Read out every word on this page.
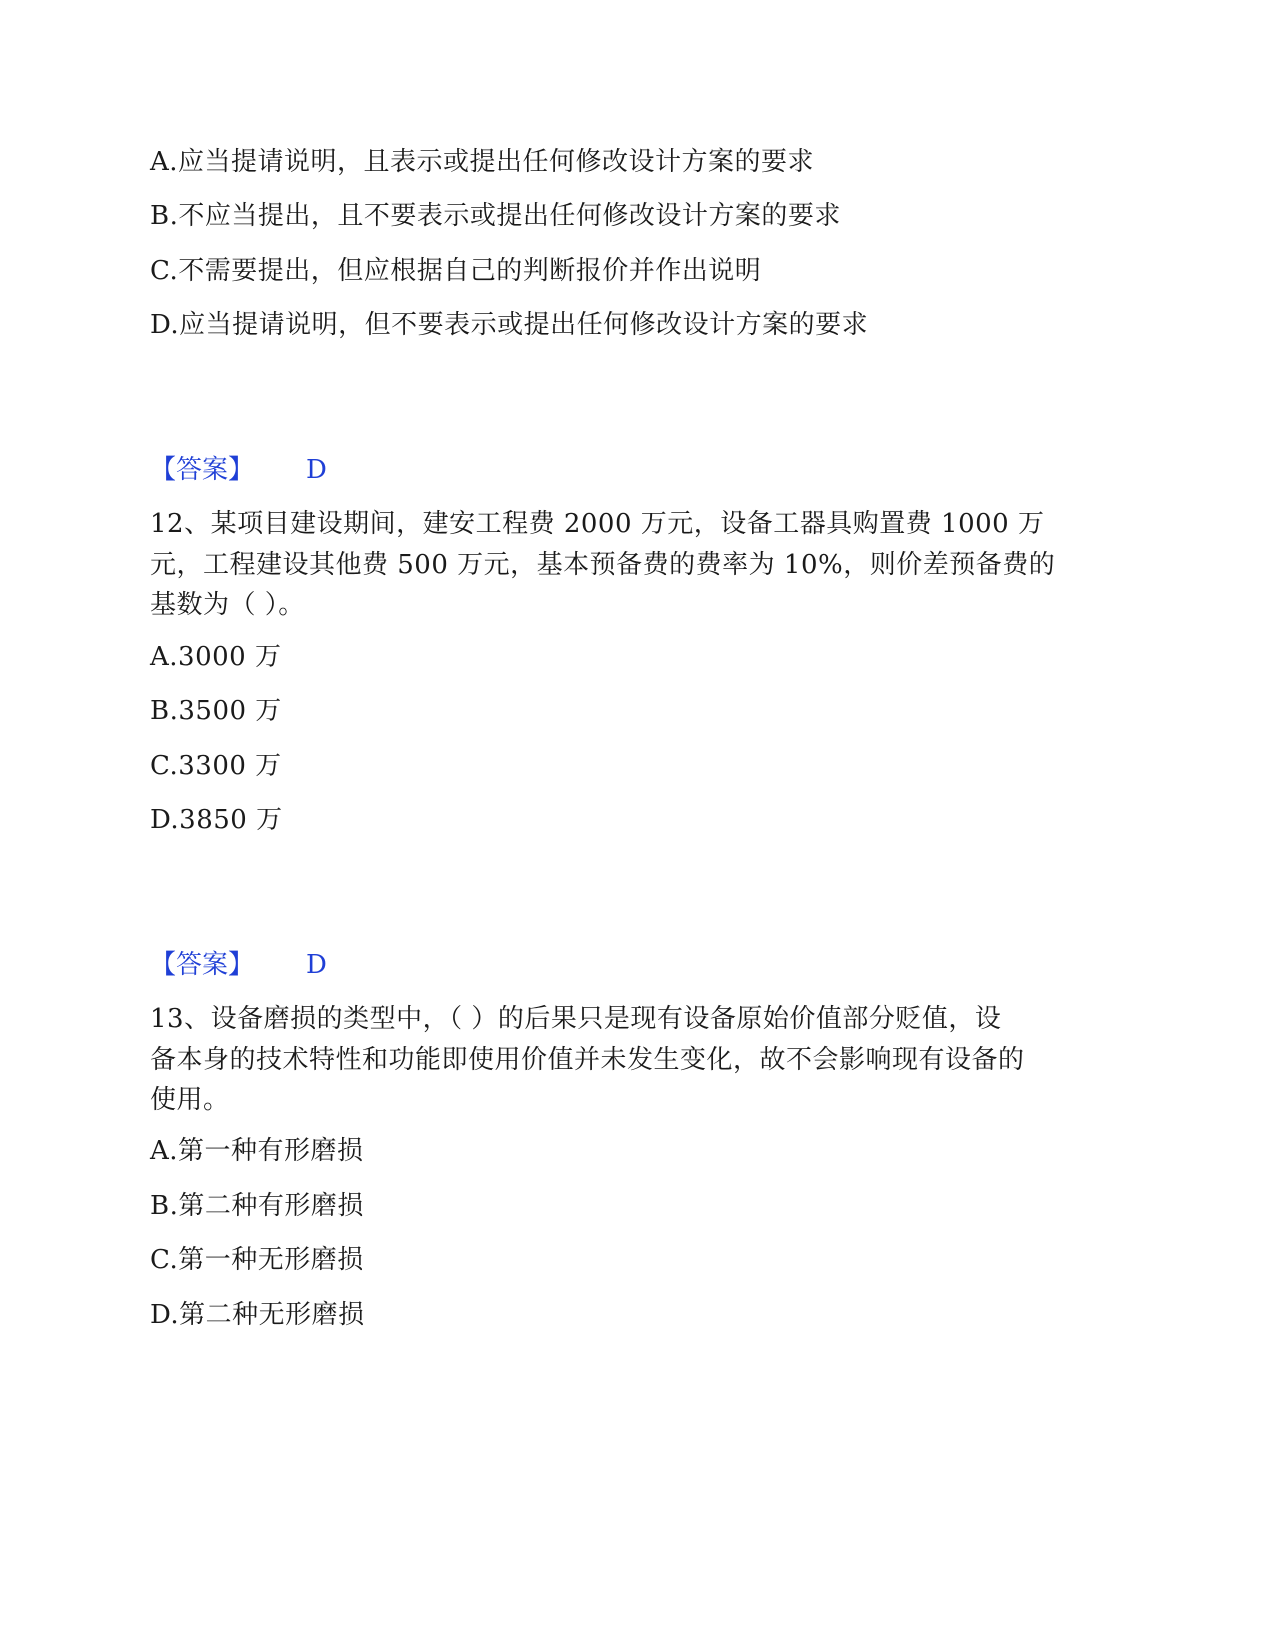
A.应当提请说明，且表示或提出任何修改设计方案的要求
B.不应当提出，且不要表示或提出任何修改设计方案的要求
C.不需要提出，但应根据自己的判断报价并作出说明
D.应当提请说明，但不要表示或提出任何修改设计方案的要求
【答案】 D
12、某项目建设期间，建安工程费 2000 万元，设备工器具购置费 1000 万
元，工程建设其他费 500 万元，基本预备费的费率为 10%，则价差预备费的
基数为（ ）。
A.3000 万
B.3500 万
C.3300 万
D.3850 万
【答案】 D
13、设备磨损的类型中，（ ）的后果只是现有设备原始价值部分贬值，设
备本身的技术特性和功能即使用价值并未发生变化，故不会影响现有设备的
使用。
A.第一种有形磨损
B.第二种有形磨损
C.第一种无形磨损
D.第二种无形磨损
